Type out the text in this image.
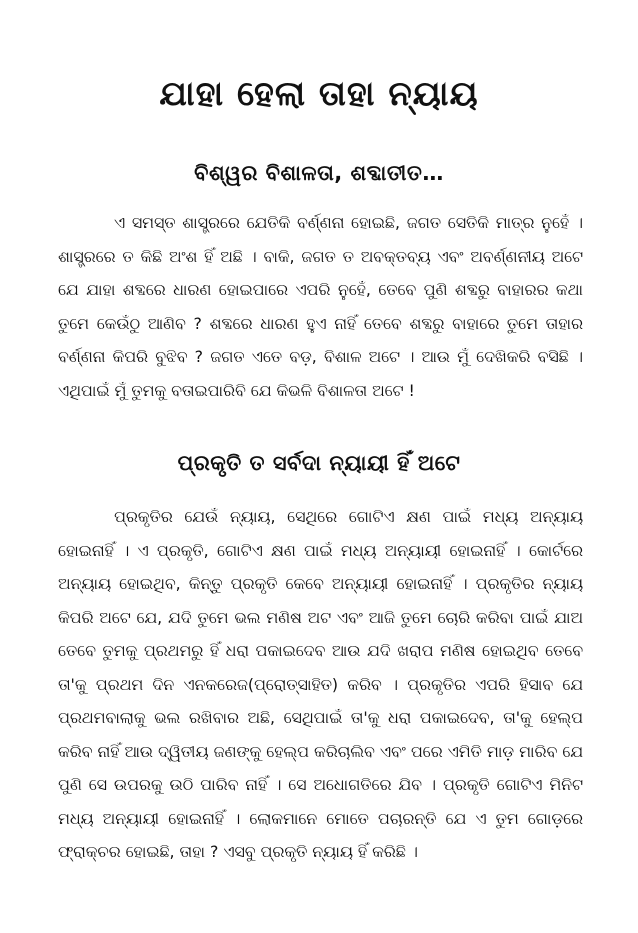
ଯାହା ହେଲା ତାହା ନ୍ୟାୟ
ବିଶ୍ୱର ବିଶାଳତା, ଶବ୍ଦାତୀତ…

ଏ ସମସ୍ତ ଶାସ୍ତ୍ରରେ ଯେତିକି ବର୍ଣ୍ଣନା ହୋଇଛି, ଜଗତ ସେତିକି ମାତ୍ର ନୁହେଁ । ଶାସ୍ତ୍ରରେ ତ କିଛି ଅଂଶ ହିଁ ଅଛି । ବାକି, ଜଗତ ତ ଅବକ୍ତବ୍ୟ ଏବଂ ଅବର୍ଣ୍ଣନୀୟ ଅଟେ ଯେ ଯାହା ଶବ୍ଦରେ ଧାରଣ ହୋଇପାରେ ଏପରି ନୁହେଁ, ତେବେ ପୁଣି ଶବ୍ଦରୁ ବାହାରର କଥା ତୁମେ କେଉଁଠୁ ଆଣିବ ? ଶବ୍ଦରେ ଧାରଣ ହୁଏ ନାହିଁ ତେବେ ଶବ୍ଦରୁ ବାହାରେ ତୁମେ ତାହାର ବର୍ଣ୍ଣନା କିପରି ବୁଝିବ ? ଜଗତ ଏତେ ବଡ଼, ବିଶାଳ ଅଟେ । ଆଉ ମୁଁ ଦେଖିକରି ବସିଛି । ଏଥିପାଇଁ ମୁଁ ତୁମକୁ ବତାଇପାରିବି ଯେ କିଭଳି ବିଶାଳତା ଅଟେ !

ପ୍ରକୃତି ତ ସର୍ବଦା ନ୍ୟାୟୀ ହିଁ ଅଟେ

ପ୍ରକୃତିର ଯେଉଁ ନ୍ୟାୟ, ସେଥିରେ ଗୋଟିଏ କ୍ଷଣ ପାଇଁ ମଧ୍ୟ ଅନ୍ୟାୟ ହୋଇନାହିଁ । ଏ ପ୍ରକୃତି, ଗୋଟିଏ କ୍ଷଣ ପାଇଁ ମଧ୍ୟ ଅନ୍ୟାୟୀ ହୋଇନାହିଁ । କୋର୍ଟରେ ଅନ୍ୟାୟ ହୋଇଥିବ, କିନ୍ତୁ ପ୍ରକୃତି କେବେ ଅନ୍ୟାୟୀ ହୋଇନାହିଁ । ପ୍ରକୃତିର ନ୍ୟାୟ କିପରି ଅଟେ ଯେ, ଯଦି ତୁମେ ଭଲ ମଣିଷ ଅଟ ଏବଂ ଆଜି ତୁମେ ଚୋରି କରିବା ପାଇଁ ଯାଅ ତେବେ ତୁମକୁ ପ୍ରଥମରୁ ହିଁ ଧରା ପକାଇଦେବ ଆଉ ଯଦି ଖରାପ ମଣିଷ ହୋଇଥିବ ତେବେ ତା'କୁ ପ୍ରଥମ ଦିନ ଏନକରେଜ(ପ୍ରୋତ୍ସାହିତ) କରିବ । ପ୍ରକୃତିର ଏପରି ହିସାବ ଯେ ପ୍ରଥମବାଲାକୁ ଭଲ ରଖିବାର ଅଛି, ସେଥିପାଇଁ ତା'କୁ ଧରା ପକାଇଦେବ, ତା'କୁ ହେଲ୍ପ କରିବ ନାହିଁ ଆଉ ଦ୍ୱିତୀୟ ଜଣଙ୍କୁ ହେଲ୍ପ କରିଚାଲିବ ଏବଂ ପରେ ଏମିତି ମାଡ଼ ମାରିବ ଯେ ପୁଣି ସେ ଉପରକୁ ଉଠି ପାରିବ ନାହିଁ । ସେ ଅଧୋଗତିରେ ଯିବ । ପ୍ରକୃତି ଗୋଟିଏ ମିନିଟ ମଧ୍ୟ ଅନ୍ୟାୟୀ ହୋଇନାହିଁ । ଲୋକମାନେ ମୋତେ ପଚାରନ୍ତି ଯେ ଏ ତୁମ ଗୋଡ଼ରେ ଫ୍ରାକ୍‌ଚର ହୋଇଛି, ତାହା ? ଏସବୁ ପ୍ରକୃତି ନ୍ୟାୟ ହିଁ କରିଛି ।
